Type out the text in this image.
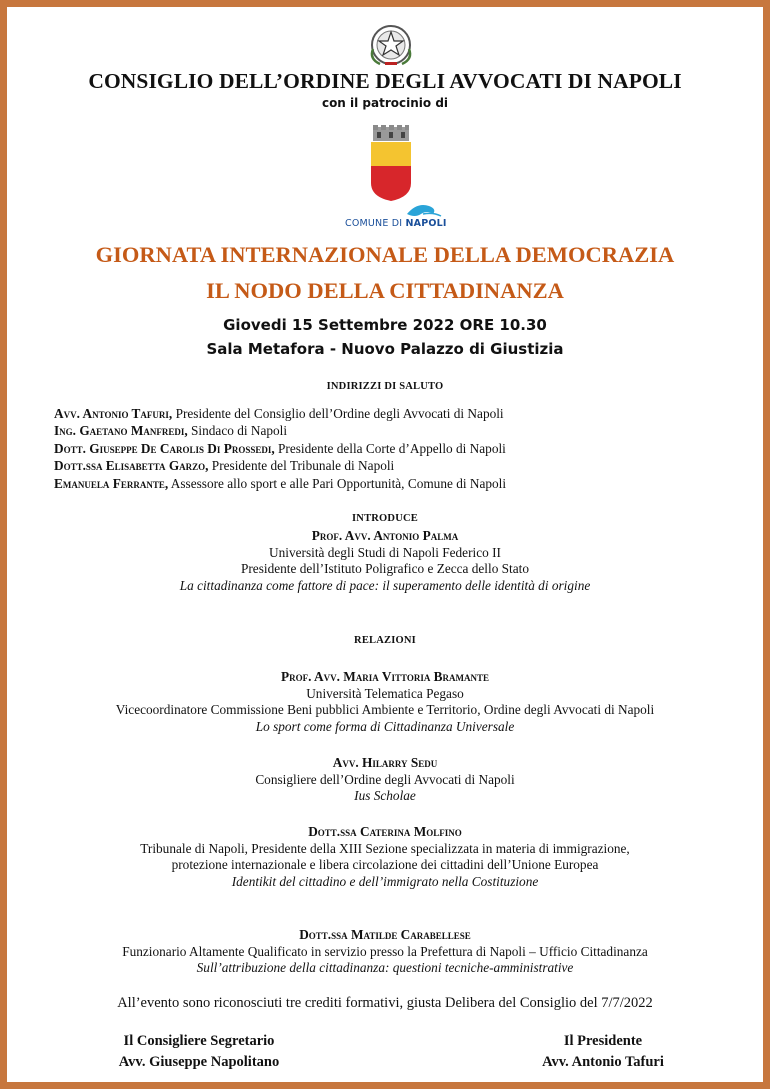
CONSIGLIO DELL’ORDINE DEGLI AVVOCATI DI NAPOLI
con il patrocinio di
COMUNE DI NAPOLI
GIORNATA INTERNAZIONALE DELLA DEMOCRAZIA
IL NODO DELLA CITTADINANZA
Giovedi 15 Settembre 2022 ORE 10.30
Sala Metafora - Nuovo Palazzo di Giustizia
INDIRIZZI DI SALUTO
Avv. Antonio Tafuri, Presidente del Consiglio dell’Ordine degli Avvocati di Napoli
Ing. Gaetano Manfredi, Sindaco di Napoli
Dott. Giuseppe De Carolis Di Prossedi, Presidente della Corte d’Appello di Napoli
Dott.ssa Elisabetta Garzo, Presidente del Tribunale di Napoli
Emanuela Ferrante, Assessore allo sport e alle Pari Opportunità, Comune di Napoli
INTRODUCE
Prof. Avv. Antonio Palma
Università degli Studi di Napoli Federico II
Presidente dell’Istituto Poligrafico e Zecca dello Stato
La cittadinanza come fattore di pace: il superamento delle identità di origine
RELAZIONI
Prof. Avv. Maria Vittoria Bramante
Università Telematica Pegaso
Vicecoordinatore Commissione Beni pubblici Ambiente e Territorio, Ordine degli Avvocati di Napoli
Lo sport come forma di Cittadinanza Universale
Avv. Hilarry Sedu
Consigliere dell’Ordine degli Avvocati di Napoli
Ius Scholae
Dott.ssa Caterina Molfino
Tribunale di Napoli, Presidente della XIII Sezione specializzata in materia di immigrazione,
protezione internazionale e libera circolazione dei cittadini dell’Unione Europea
Identikit del cittadino e dell’immigrato nella Costituzione
Dott.ssa Matilde Carabellese
Funzionario Altamente Qualificato in servizio presso la Prefettura di Napoli – Ufficio Cittadinanza
Sull’attribuzione della cittadinanza: questioni tecniche-amministrative
All’evento sono riconosciuti tre crediti formativi, giusta Delibera del Consiglio del 7/7/2022
Il Consigliere Segretario
Avv. Giuseppe Napolitano
Il Presidente
Avv. Antonio Tafuri
